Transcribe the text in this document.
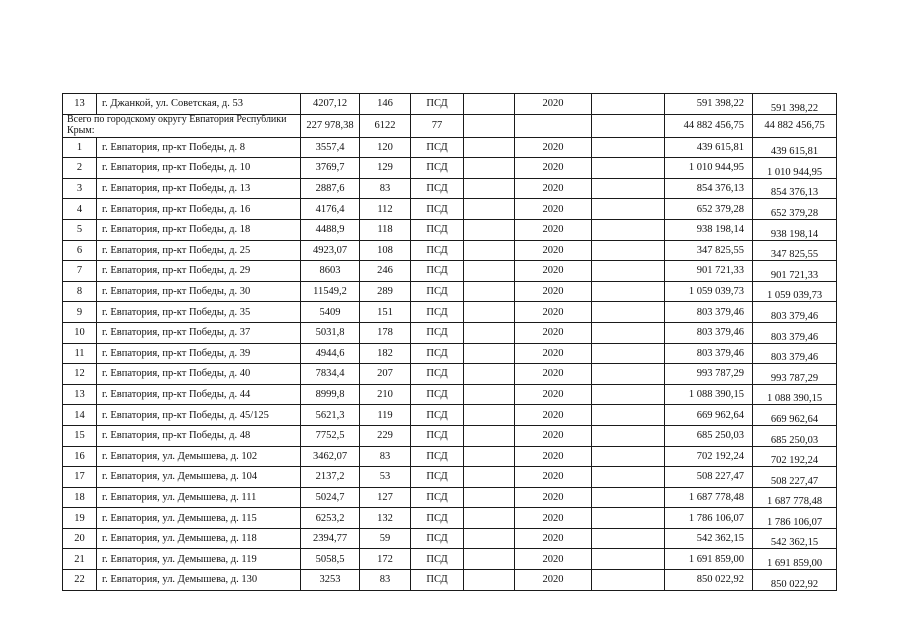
13	г. Джанкой, ул. Советская, д. 53	4207,12	146	ПСД		2020		591 398,22	591 398,22
Всего по городскому округу Евпатория Республики Крым:		227 978,38	6122	77				44 882 456,75	44 882 456,75
1	г. Евпатория, пр-кт Победы, д. 8	3557,4	120	ПСД		2020		439 615,81	439 615,81
2	г. Евпатория, пр-кт Победы, д. 10	3769,7	129	ПСД		2020		1 010 944,95	1 010 944,95
3	г. Евпатория, пр-кт Победы, д. 13	2887,6	83	ПСД		2020		854 376,13	854 376,13
4	г. Евпатория, пр-кт Победы, д. 16	4176,4	112	ПСД		2020		652 379,28	652 379,28
5	г. Евпатория, пр-кт Победы, д. 18	4488,9	118	ПСД		2020		938 198,14	938 198,14
6	г. Евпатория, пр-кт Победы, д. 25	4923,07	108	ПСД		2020		347 825,55	347 825,55
7	г. Евпатория, пр-кт Победы, д. 29	8603	246	ПСД		2020		901 721,33	901 721,33
8	г. Евпатория, пр-кт Победы, д. 30	11549,2	289	ПСД		2020		1 059 039,73	1 059 039,73
9	г. Евпатория, пр-кт Победы, д. 35	5409	151	ПСД		2020		803 379,46	803 379,46
10	г. Евпатория, пр-кт Победы, д. 37	5031,8	178	ПСД		2020		803 379,46	803 379,46
11	г. Евпатория, пр-кт Победы, д. 39	4944,6	182	ПСД		2020		803 379,46	803 379,46
12	г. Евпатория, пр-кт Победы, д. 40	7834,4	207	ПСД		2020		993 787,29	993 787,29
13	г. Евпатория, пр-кт Победы, д. 44	8999,8	210	ПСД		2020		1 088 390,15	1 088 390,15
14	г. Евпатория, пр-кт Победы, д. 45/125	5621,3	119	ПСД		2020		669 962,64	669 962,64
15	г. Евпатория, пр-кт Победы, д. 48	7752,5	229	ПСД		2020		685 250,03	685 250,03
16	г. Евпатория, ул. Демышева, д. 102	3462,07	83	ПСД		2020		702 192,24	702 192,24
17	г. Евпатория, ул. Демышева, д. 104	2137,2	53	ПСД		2020		508 227,47	508 227,47
18	г. Евпатория, ул. Демышева, д. 111	5024,7	127	ПСД		2020		1 687 778,48	1 687 778,48
19	г. Евпатория, ул. Демышева, д. 115	6253,2	132	ПСД		2020		1 786 106,07	1 786 106,07
20	г. Евпатория, ул. Демышева, д. 118	2394,77	59	ПСД		2020		542 362,15	542 362,15
21	г. Евпатория, ул. Демышева, д. 119	5058,5	172	ПСД		2020		1 691 859,00	1 691 859,00
22	г. Евпатория, ул. Демышева, д. 130	3253	83	ПСД		2020		850 022,92	850 022,92
